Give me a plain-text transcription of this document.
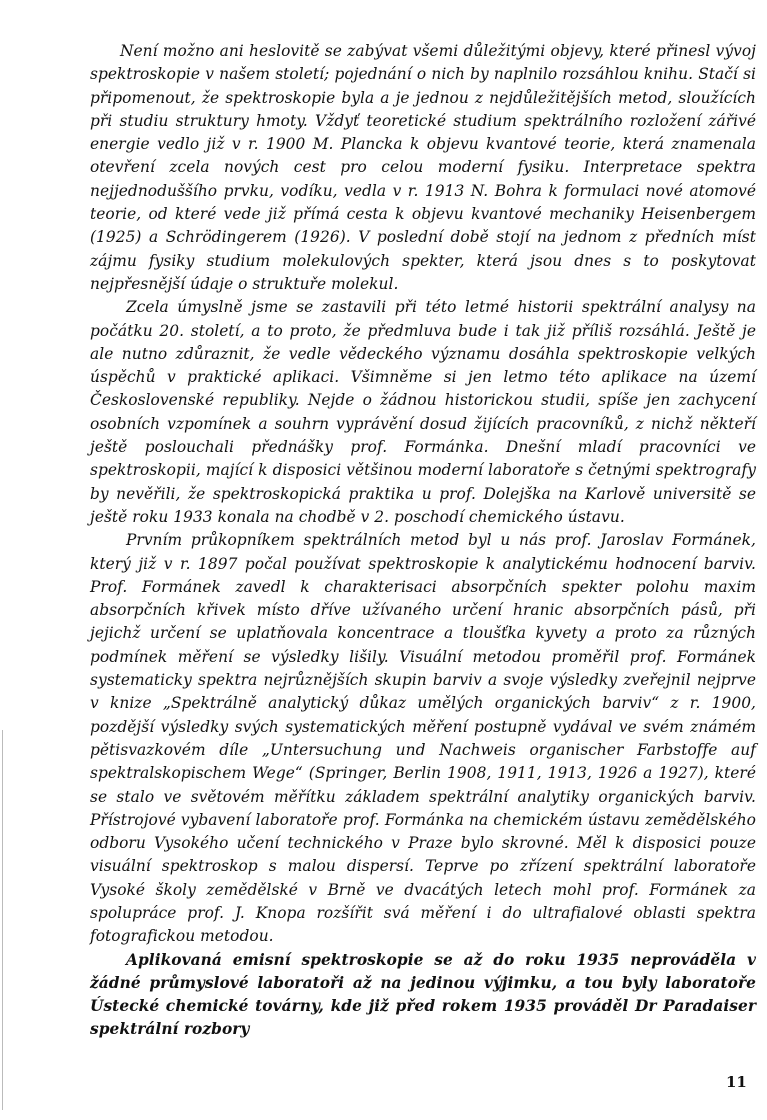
Není možno ani heslovitě se zabývat všemi důležitými objevy, které přinesl vývoj spektroskopie v našem století; pojednání o nich by naplnilo rozsáhlou knihu. Stačí si připomenout, že spektroskopie byla a je jednou z nejdůležitějších metod, sloužících při studiu struktury hmoty. Vždyť teoretické studium spektrálního rozložení zářivé energie vedlo již v r. 1900 M. Plancka k objevu kvantové teorie, která znamenala otevření zcela nových cest pro celou moderní fysiku. Interpretace spektra nejjednoduššího prvku, vodíku, vedla v r. 1913 N. Bohra k formulaci nové atomové teorie, od které vede již přímá cesta k objevu kvantové mechaniky Heisenbergem (1925) a Schrödingerem (1926). V poslední době stojí na jednom z předních míst zájmu fysiky studium molekulových spekter, která jsou dnes s to poskytovat nejpřesnější údaje o struktuře molekul.

Zcela úmyslně jsme se zastavili při této letmé historii spektrální analysy na počátku 20. století, a to proto, že předmluva bude i tak již příliš rozsáhlá. Ještě je ale nutno zdůraznit, že vedle vědeckého významu dosáhla spektroskopie velkých úspěchů v praktické aplikaci. Všimněme si jen letmo této aplikace na území Československé republiky. Nejde o žádnou historickou studii, spíše jen zachycení osobních vzpomínek a souhrn vyprávění dosud žijících pracovníků, z nichž někteří ještě poslouchali přednášky prof. Formánka. Dnešní mladí pracovníci ve spektroskopii, mající k disposici většinou moderní laboratoře s četnými spektrografy by nevěřili, že spektroskopická praktika u prof. Dolejška na Karlově universitě se ještě roku 1933 konala na chodbě v 2. poschodí chemického ústavu.

Prvním průkopníkem spektrálních metod byl u nás prof. Jaroslav Formánek, který již v r. 1897 počal používat spektroskopie k analytickému hodnocení barviv. Prof. Formánek zavedl k charakterisaci absorpčních spekter polohu maxim absorpčních křivek místo dříve užívaného určení hranic absorpčních pásů, při jejichž určení se uplatňovala koncentrace a tloušťka kyvety a proto za různých podmínek měření se výsledky lišily. Visuální metodou proměřil prof. Formánek systematicky spektra nejrůznějších skupin barviv a svoje výsledky zveřejnil nejprve v knize „Spektrálně analytický důkaz umělých organických barviv“ z r. 1900, pozdější výsledky svých systematických měření postupně vydával ve svém známém pětisvazkovém díle „Untersuchung und Nachweis organischer Farbstoffe auf spektralskopischem Wege“ (Springer, Berlin 1908, 1911, 1913, 1926 a 1927), které se stalo ve světovém měřítku základem spektrální analytiky organických barviv. Přístrojové vybavení laboratoře prof. Formánka na chemickém ústavu zemědělského odboru Vysokého učení technického v Praze bylo skrovné. Měl k disposici pouze visuální spektroskop s malou dispersí. Teprve po zřízení spektrální laboratoře Vysoké školy zemědělské v Brně ve dvacátých letech mohl prof. Formánek za spolupráce prof. J. Knopa rozšířit svá měření i do ultrafialové oblasti spektra fotografickou metodou.

Aplikovaná emisní spektroskopie se až do roku 1935 neprováděla v žádné průmyslové laboratoři až na jedinou výjimku, a tou byly laboratoře Ústecké chemické továrny, kde již před rokem 1935 prováděl Dr Paradaiser spektrální rozbory

11
